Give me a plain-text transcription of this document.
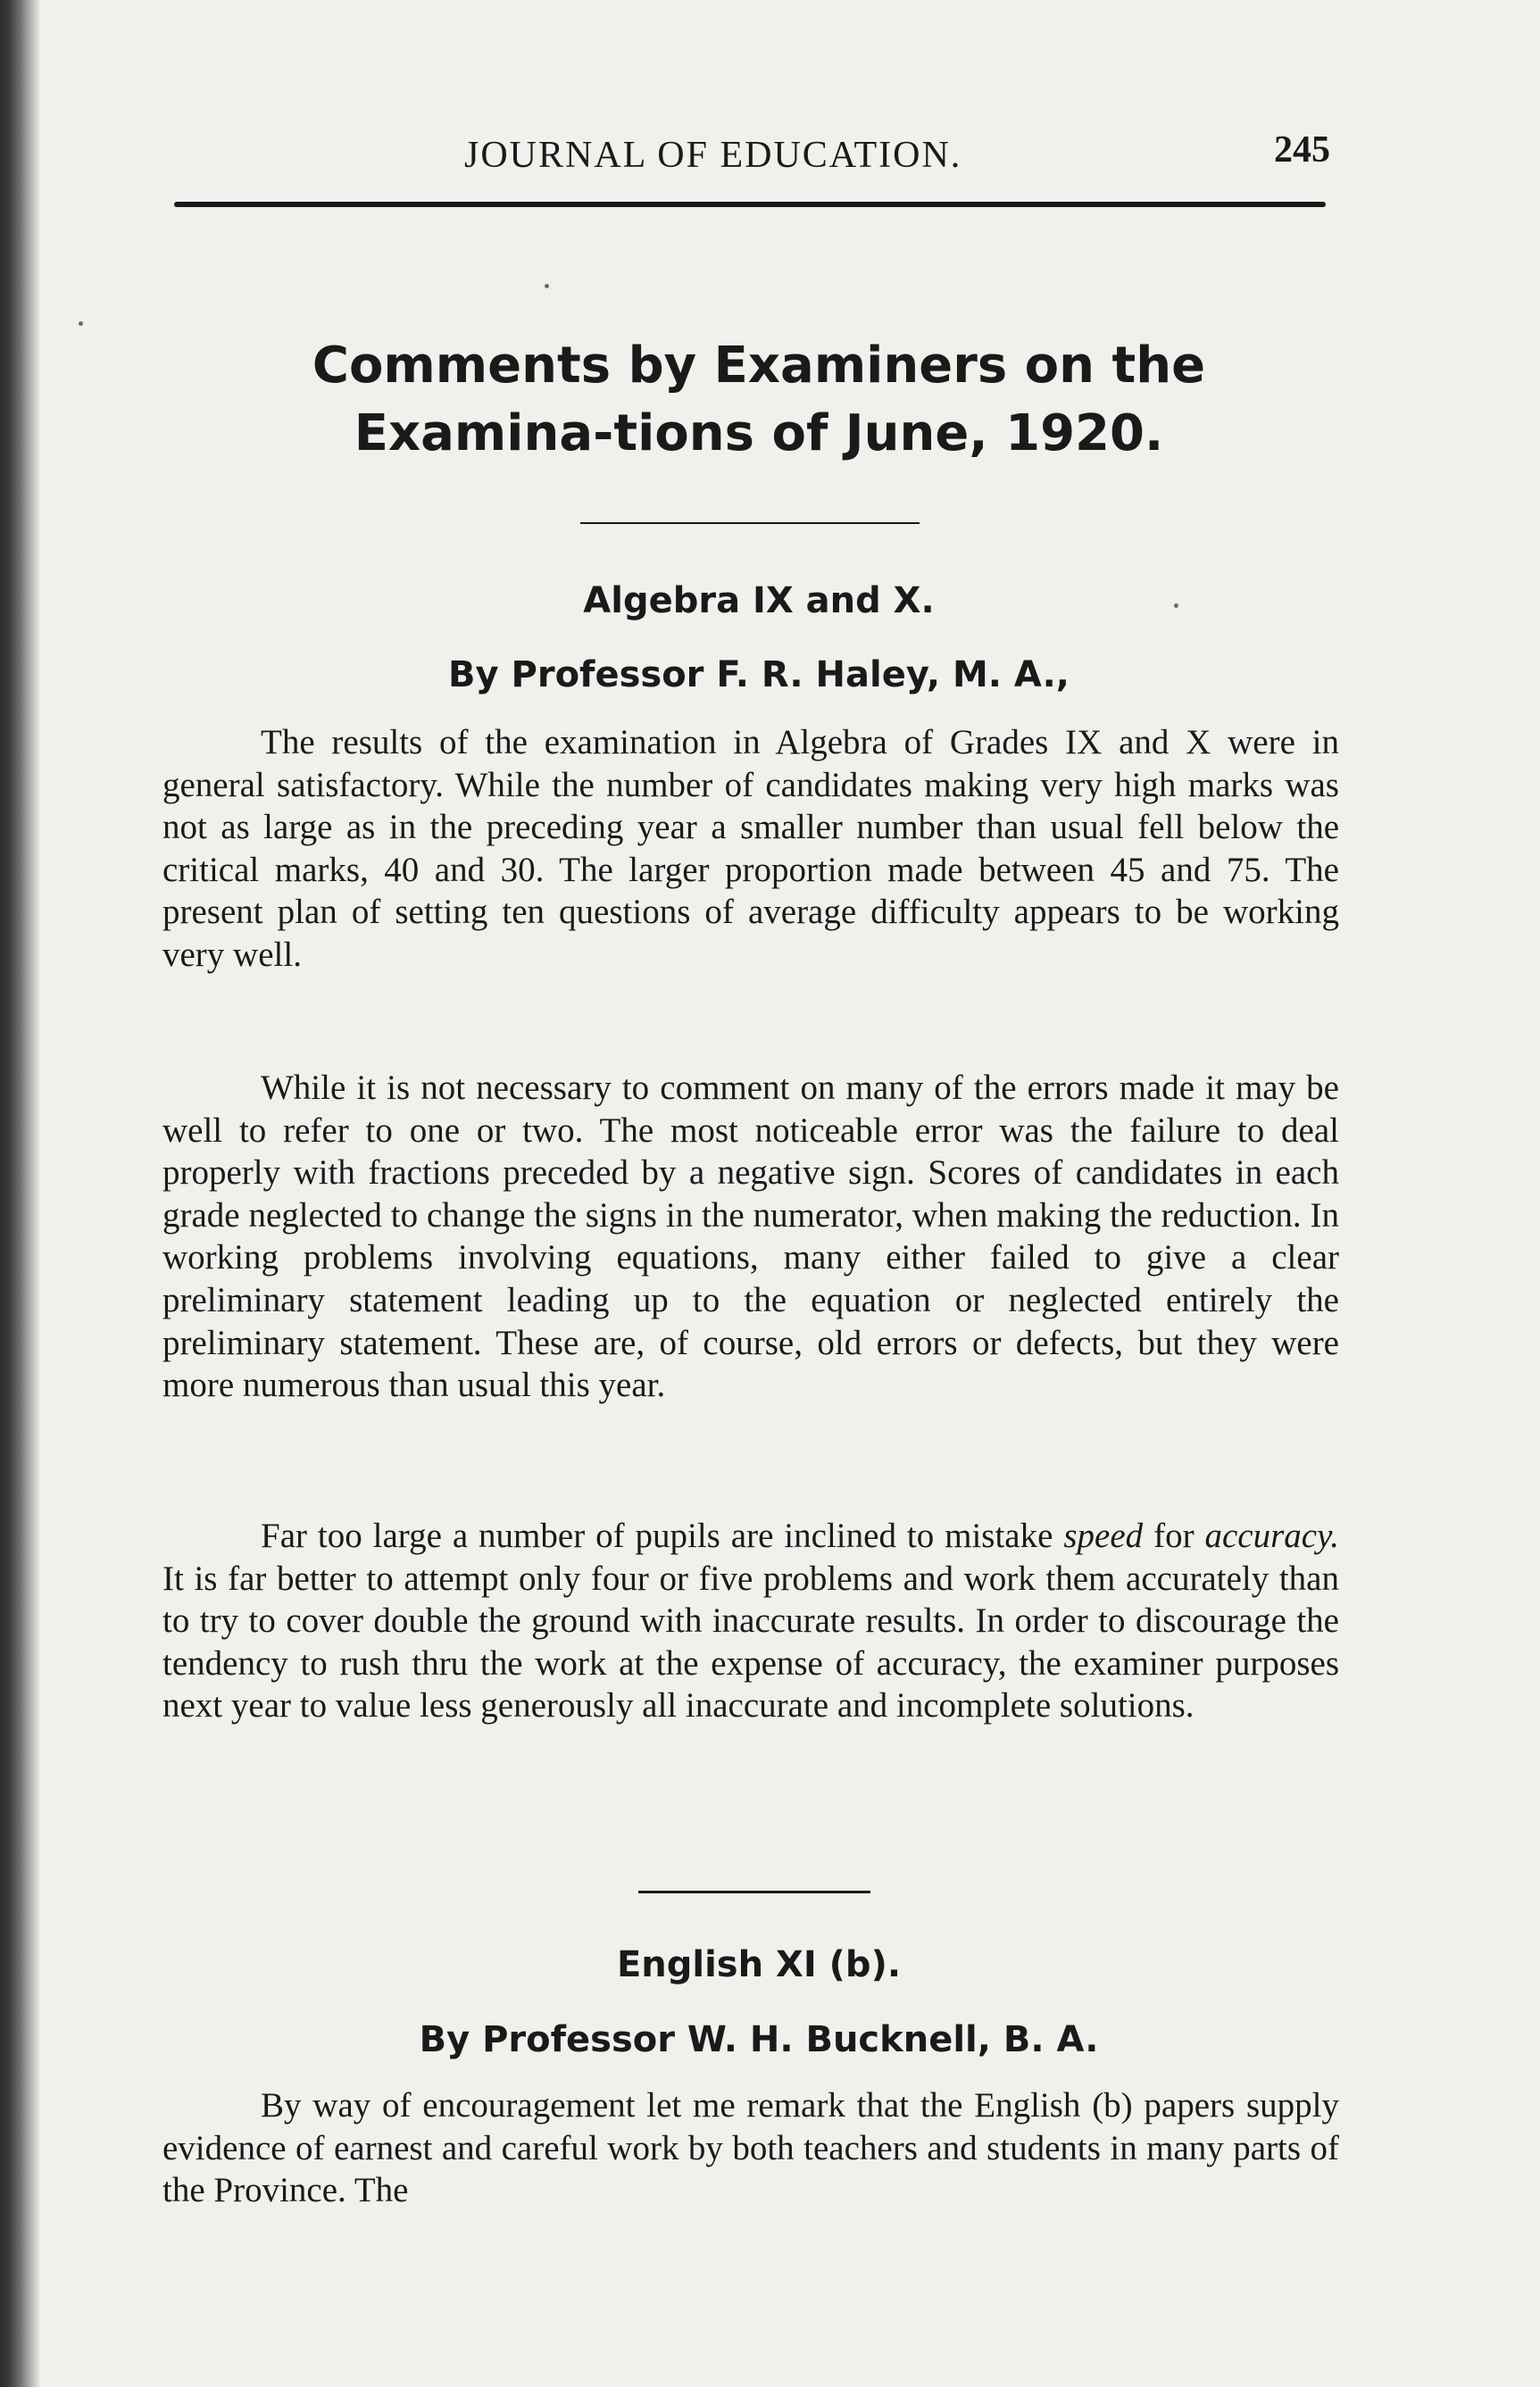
JOURNAL OF EDUCATION.	245
Comments by Examiners on the Examina-tions of June, 1920.
Algebra IX and X.
By Professor F. R. Haley, M. A.,

The results of the examination in Algebra of Grades IX and X were in general satisfactory. While the number of candidates making very high marks was not as large as in the preceding year a smaller number than usual fell below the critical marks, 40 and 30. The larger proportion made between 45 and 75. The present plan of setting ten questions of average difficulty appears to be working very well.

While it is not necessary to comment on many of the errors made it may be well to refer to one or two. The most noticeable error was the failure to deal properly with fractions preceded by a negative sign. Scores of candidates in each grade neglected to change the signs in the numerator, when making the reduction. In working problems involving equations, many either failed to give a clear preliminary statement leading up to the equation or neglected entirely the preliminary statement. These are, of course, old errors or defects, but they were more numerous than usual this year.

Far too large a number of pupils are inclined to mistake speed for accuracy. It is far better to attempt only four or five problems and work them accurately than to try to cover double the ground with inaccurate results. In order to discourage the tendency to rush thru the work at the expense of accuracy, the examiner purposes next year to value less generously all inaccurate and incomplete solutions.

English XI (b).
By Professor W. H. Bucknell, B. A.

By way of encouragement let me remark that the English (b) papers supply evidence of earnest and careful work by both teachers and students in many parts of the Province. The
